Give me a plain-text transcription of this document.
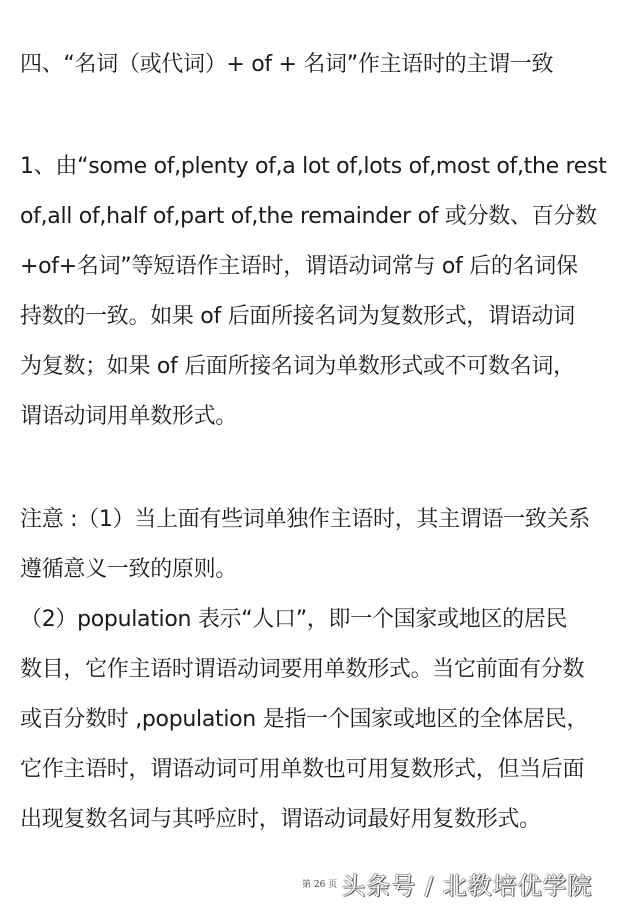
四、“名词（或代词）+ of + 名词”作主语时的主谓一致
1、由“some of,plenty of,a lot of,lots of,most of,the rest
of,all of,half of,part of,the remainder of 或分数、百分数
+of+名词”等短语作主语时，谓语动词常与 of 后的名词保
持数的一致。如果 of 后面所接名词为复数形式，谓语动词
为复数；如果 of 后面所接名词为单数形式或不可数名词，
谓语动词用单数形式。
注意 :（1）当上面有些词单独作主语时，其主谓语一致关系
遵循意义一致的原则。
（2）population 表示“人口”，即一个国家或地区的居民
数目，它作主语时谓语动词要用单数形式。当它前面有分数
或百分数时 ,population 是指一个国家或地区的全体居民，
它作主语时，谓语动词可用单数也可用复数形式，但当后面
出现复数名词与其呼应时，谓语动词最好用复数形式。
第 26 页 头条号 / 北教培优学院
